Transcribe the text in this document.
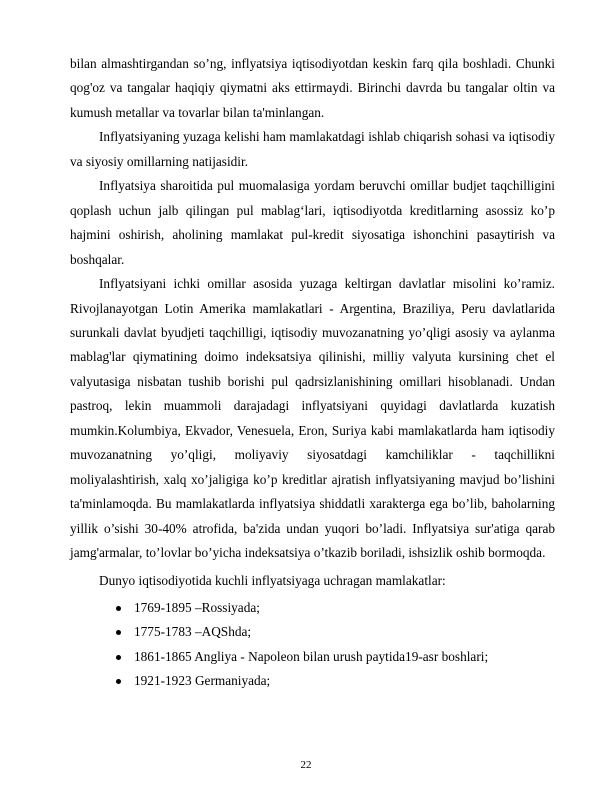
bilan almashtirgandan so’ng, inflyatsiya iqtisodiyotdan keskin farq qila boshladi. Chunki qog'oz va tangalar haqiqiy qiymatni aks ettirmaydi. Birinchi davrda bu tangalar oltin va kumush metallar va tovarlar bilan ta'minlangan.

Inflyatsiyaning yuzaga kelishi ham mamlakatdagi ishlab chiqarish sohasi va iqtisodiy va siyosiy omillarning natijasidir.

Inflyatsiya sharoitida pul muomalasiga yordam beruvchi omillar budjet taqchilligini qoplash uchun jalb qilingan pul mablag‘lari, iqtisodiyotda kreditlarning asossiz ko’p hajmini oshirish, aholining mamlakat pul-kredit siyosatiga ishonchini pasaytirish va boshqalar.

Inflyatsiyani ichki omillar asosida yuzaga keltirgan davlatlar misolini ko’ramiz. Rivojlanayotgan Lotin Amerika mamlakatlari - Argentina, Braziliya, Peru davlatlarida surunkali davlat byudjeti taqchilligi, iqtisodiy muvozanatning yo’qligi asosiy va aylanma mablag'lar qiymatining doimo indeksatsiya qilinishi, milliy valyuta kursining chet el valyutasiga nisbatan tushib borishi pul qadrsizlanishining omillari hisoblanadi. Undan pastroq, lekin muammoli darajadagi inflyatsiyani quyidagi davlatlarda kuzatish mumkin.Kolumbiya, Ekvador, Venesuela, Eron, Suriya kabi mamlakatlarda ham iqtisodiy muvozanatning yo’qligi, moliyaviy siyosatdagi kamchiliklar - taqchillikni moliyalashtirish, xalq xo’jaligiga ko’p kreditlar ajratish inflyatsiyaning mavjud bo’lishini ta'minlamoqda. Bu mamlakatlarda inflyatsiya shiddatli xarakterga ega bo’lib, baholarning yillik o’sishi 30-40% atrofida, ba'zida undan yuqori bo’ladi. Inflyatsiya sur'atiga qarab jamg'armalar, to’lovlar bo’yicha indeksatsiya o’tkazib boriladi, ishsizlik oshib bormoqda.

Dunyo iqtisodiyotida kuchli inflyatsiyaga uchragan mamlakatlar:

1769-1895 –Rossiyada;
1775-1783 –AQShda;
1861-1865 Angliya - Napoleon bilan urush paytida19-asr boshlari;
1921-1923 Germaniyada;
22
